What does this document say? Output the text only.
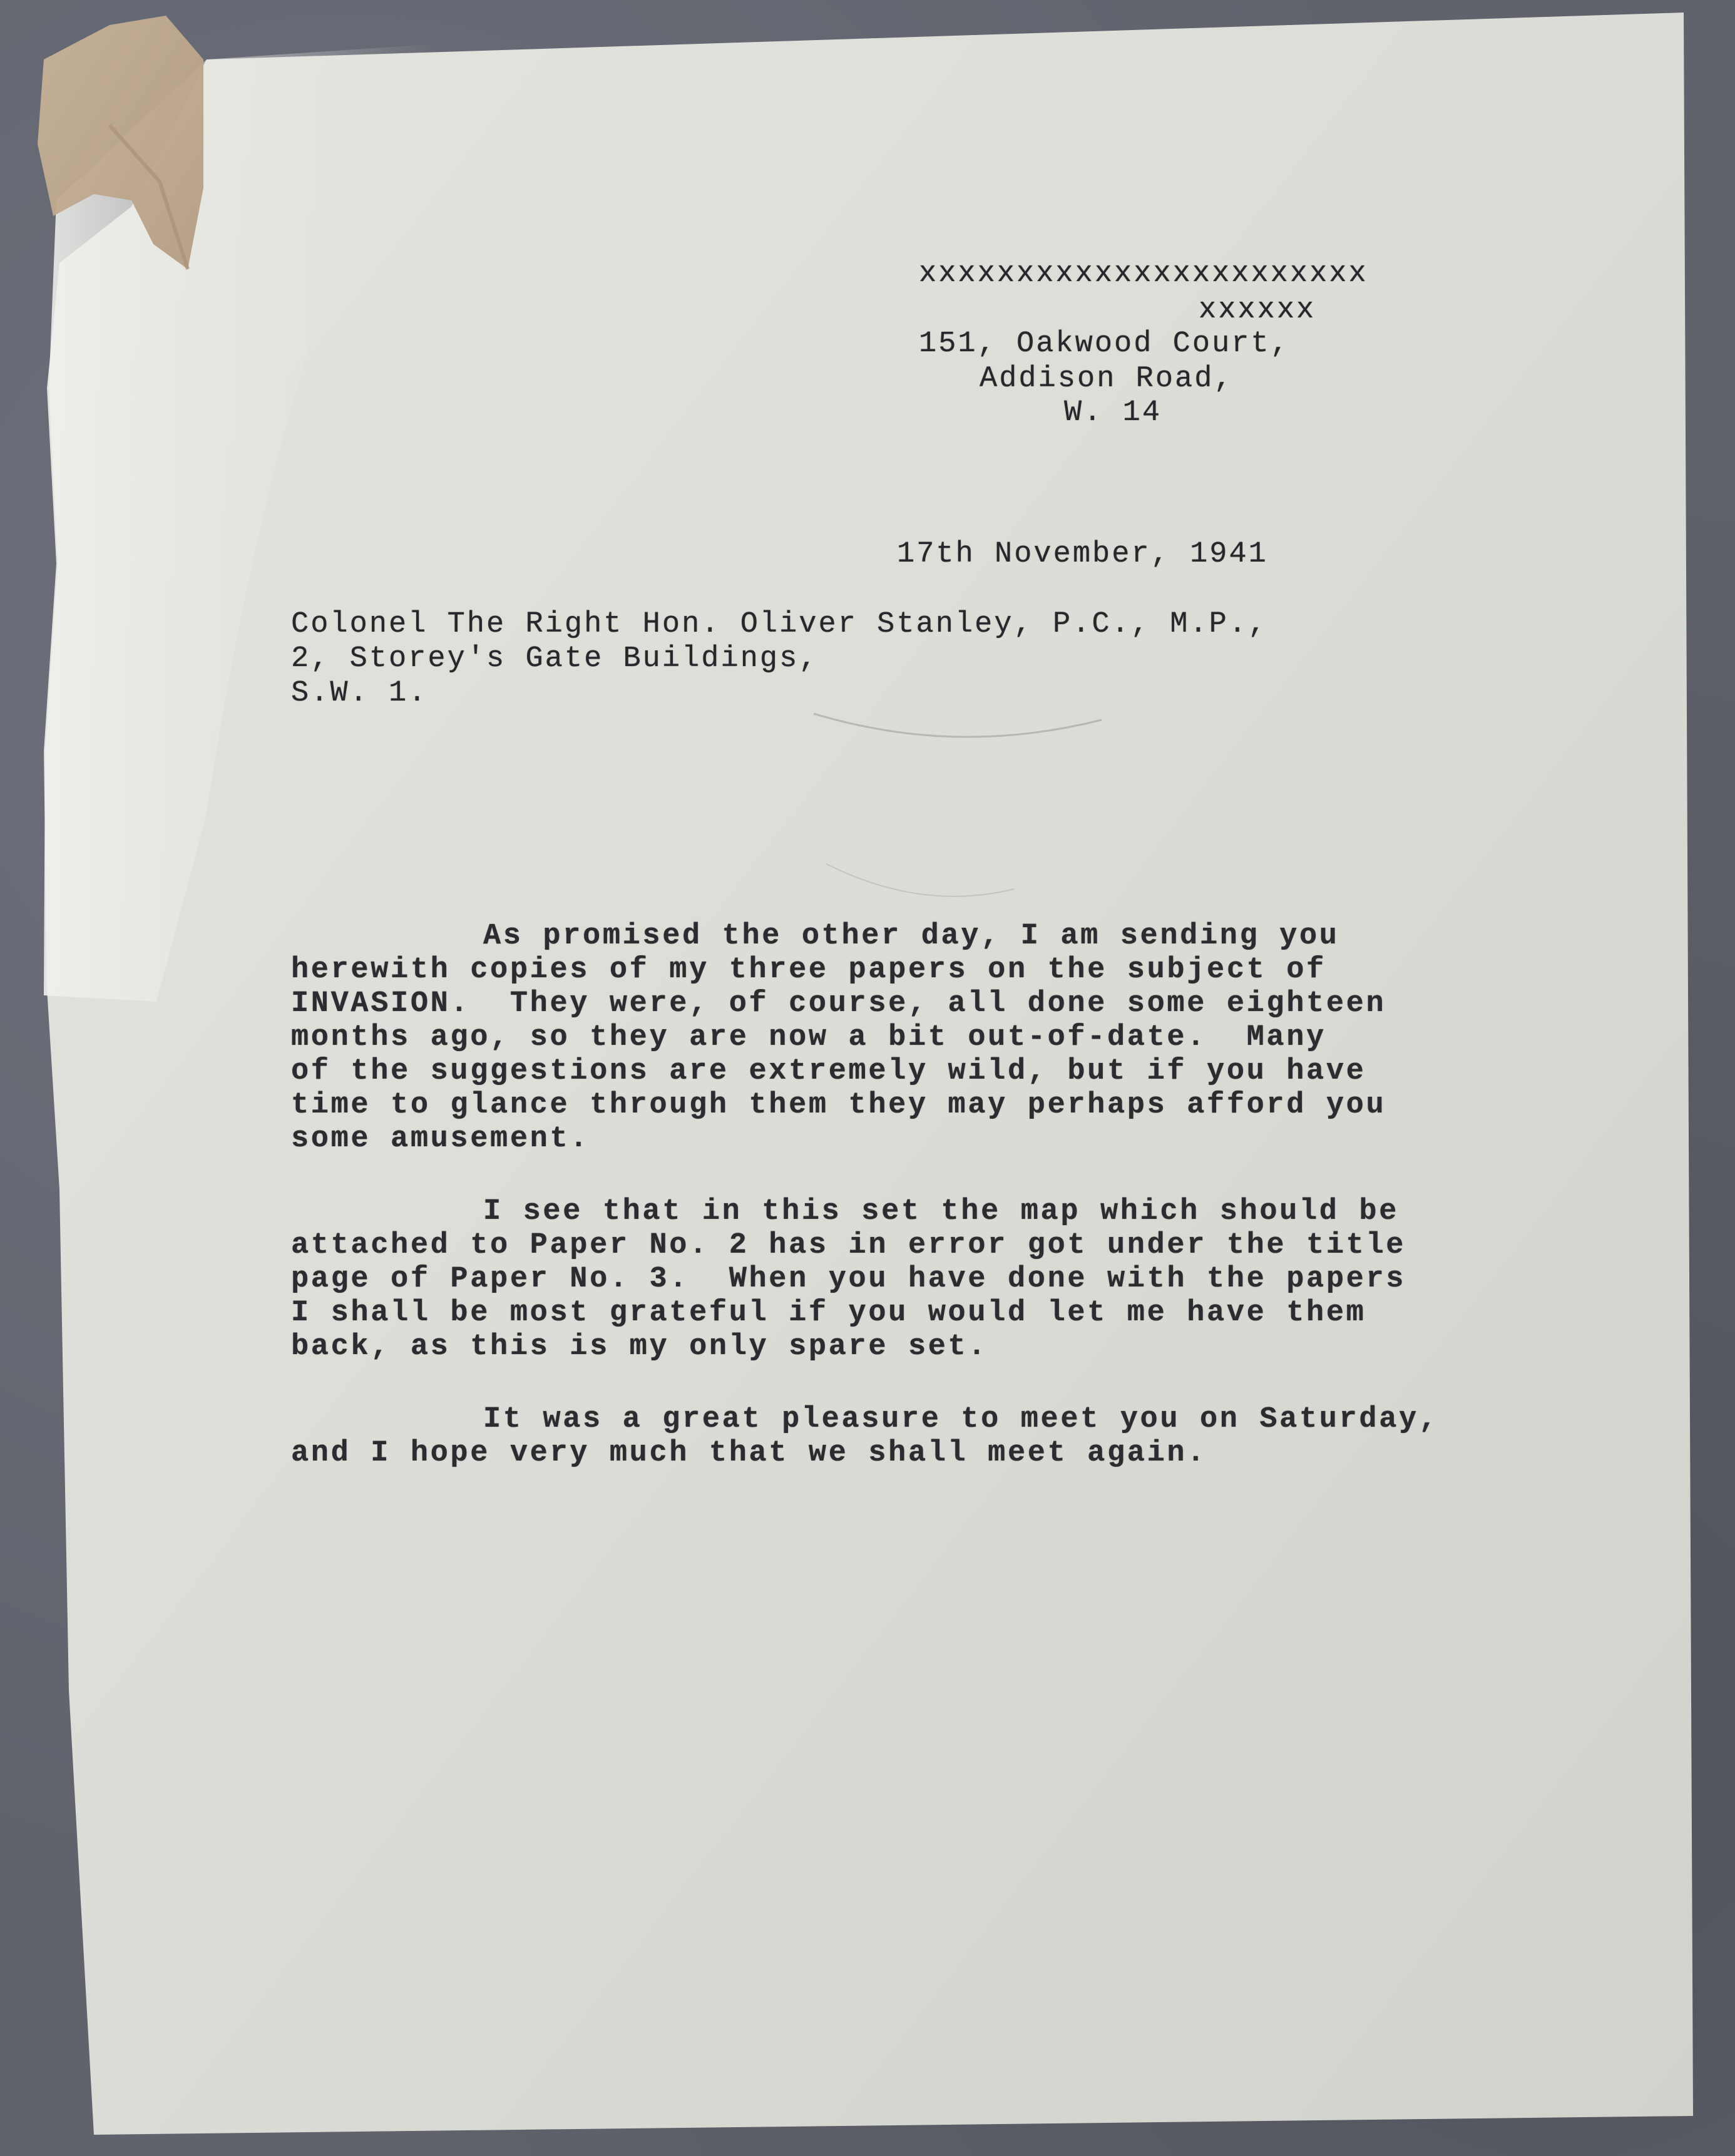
xxxxxxxxxxxxxxxxxxxxxxx
xxxxxx
151, Oakwood Court,
Addison Road,
W. 14
17th November, 1941
Colonel The Right Hon. Oliver Stanley, P.C., M.P.,
2, Storey's Gate Buildings,
S.W. 1.
As promised the other day, I am sending you
herewith copies of my three papers on the subject of
INVASION.  They were, of course, all done some eighteen
months ago, so they are now a bit out-of-date.  Many
of the suggestions are extremely wild, but if you have
time to glance through them they may perhaps afford you
some amusement.
I see that in this set the map which should be
attached to Paper No. 2 has in error got under the title
page of Paper No. 3.  When you have done with the papers
I shall be most grateful if you would let me have them
back, as this is my only spare set.
It was a great pleasure to meet you on Saturday,
and I hope very much that we shall meet again.
